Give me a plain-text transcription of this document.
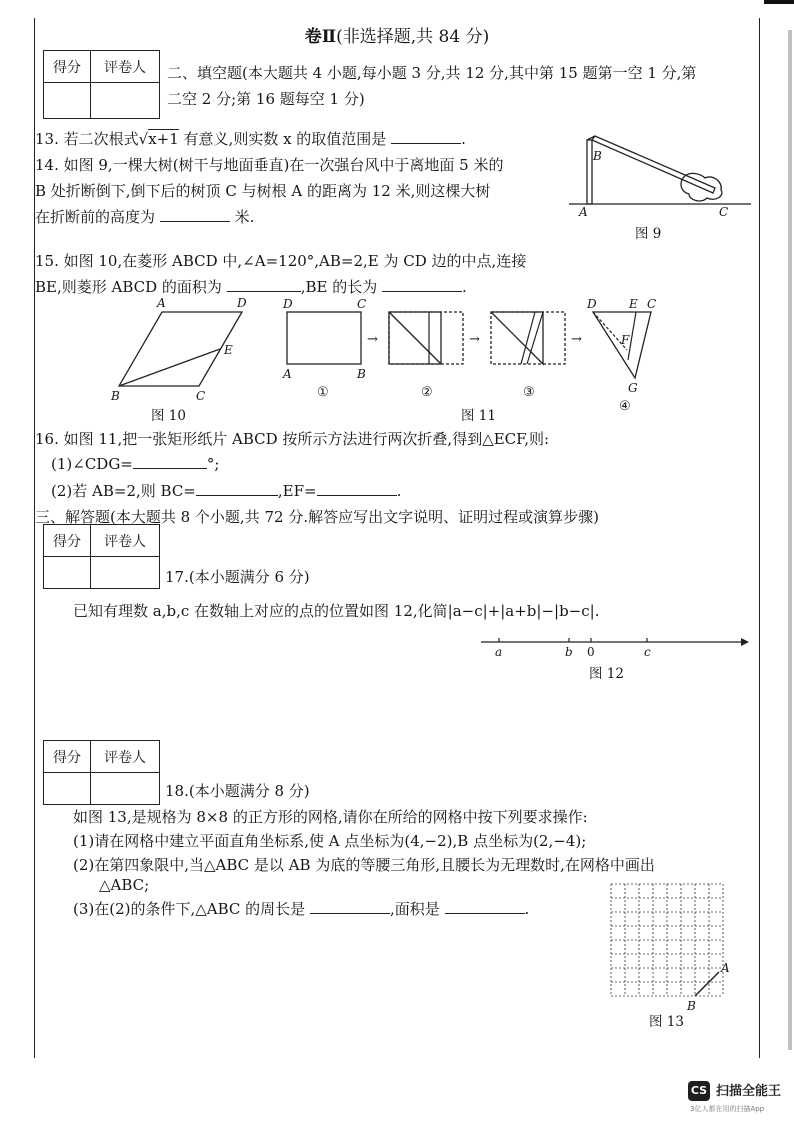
卷Ⅱ(非选择题,共 84 分)
得分	评卷人
	二、填空题(本大题共 4 小题,每小题 3 分,共 12 分,其中第 15 题第一空 1 分,第
二空 2 分;第 16 题每空 1 分)
13. 若二次根式√x+1 有意义,则实数 x 的取值范围是	.
14. 如图 9,一棵大树(树干与地面垂直)在一次强台风中于离地面 5 米的
B 处折断倒下,倒下后的树顶 C 与树根 A 的距离为 12 米,则这棵大树
在折断前的高度为	米.	A
B
C
图 9
15. 如图 10,在菱形 ABCD 中,∠A=120°,AB=2,E 为 CD 边的中点,连接
BE,则菱形 ABCD 的面积为	,BE 的长为	.
A	D
E
B	C
图 10
D	C
A	B
①
→
②
→
③
→
D	E C
F
G
④
图 11
16. 如图 11,把一张矩形纸片 ABCD 按所示方法进行两次折叠,得到△ECF,则:
(1)∠CDG=	°;
(2)若 AB=2,则 BC=	,EF=	.
三、解答题(本大题共 8 个小题,共 72 分.解答应写出文字说明、证明过程或演算步骤)
得分	评卷人

17.(本小题满分 6 分)
已知有理数 a,b,c 在数轴上对应的点的位置如图 12,化简|a−c|+|a+b|−|b−c|.
a	b 0	c
图 12
得分	评卷人

18.(本小题满分 8 分)
如图 13,是规格为 8×8 的正方形的网格,请你在所给的网格中按下列要求操作:
(1)请在网格中建立平面直角坐标系,使 A 点坐标为(4,−2),B 点坐标为(2,−4);
(2)在第四象限中,当△ABC 是以 AB 为底的等腰三角形,且腰长为无理数时,在网格中画出
△ABC;
(3)在(2)的条件下,△ABC 的周长是	,面积是	.
A
B
图 13
CS 扫描全能王
3亿人都在用的扫描App
